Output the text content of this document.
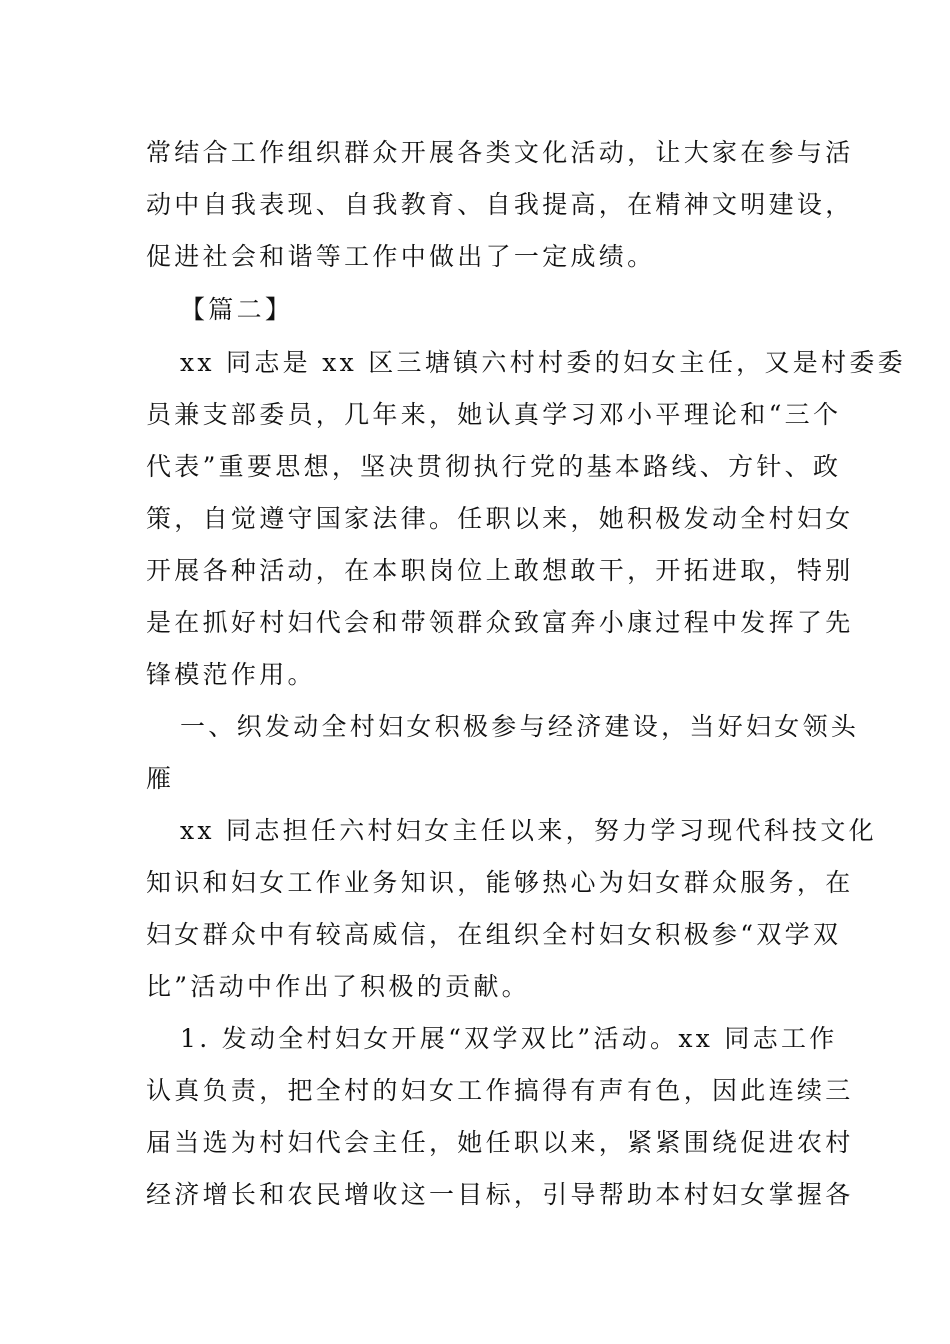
常结合工作组织群众开展各类文化活动，让大家在参与活
动中自我表现、自我教育、自我提高，在精神文明建设，
促进社会和谐等工作中做出了一定成绩。
【篇二】
xx 同志是 xx 区三塘镇六村村委的妇女主任，又是村委委
员兼支部委员，几年来，她认真学习邓小平理论和“三个
代表”重要思想，坚决贯彻执行党的基本路线、方针、政
策，自觉遵守国家法律。任职以来，她积极发动全村妇女
开展各种活动，在本职岗位上敢想敢干，开拓进取，特别
是在抓好村妇代会和带领群众致富奔小康过程中发挥了先
锋模范作用。
一、织发动全村妇女积极参与经济建设，当好妇女领头
雁
xx 同志担任六村妇女主任以来，努力学习现代科技文化
知识和妇女工作业务知识，能够热心为妇女群众服务，在
妇女群众中有较高威信，在组织全村妇女积极参“双学双
比”活动中作出了积极的贡献。
1. 发动全村妇女开展“双学双比”活动。xx 同志工作
认真负责，把全村的妇女工作搞得有声有色，因此连续三
届当选为村妇代会主任，她任职以来，紧紧围绕促进农村
经济增长和农民增收这一目标，引导帮助本村妇女掌握各
